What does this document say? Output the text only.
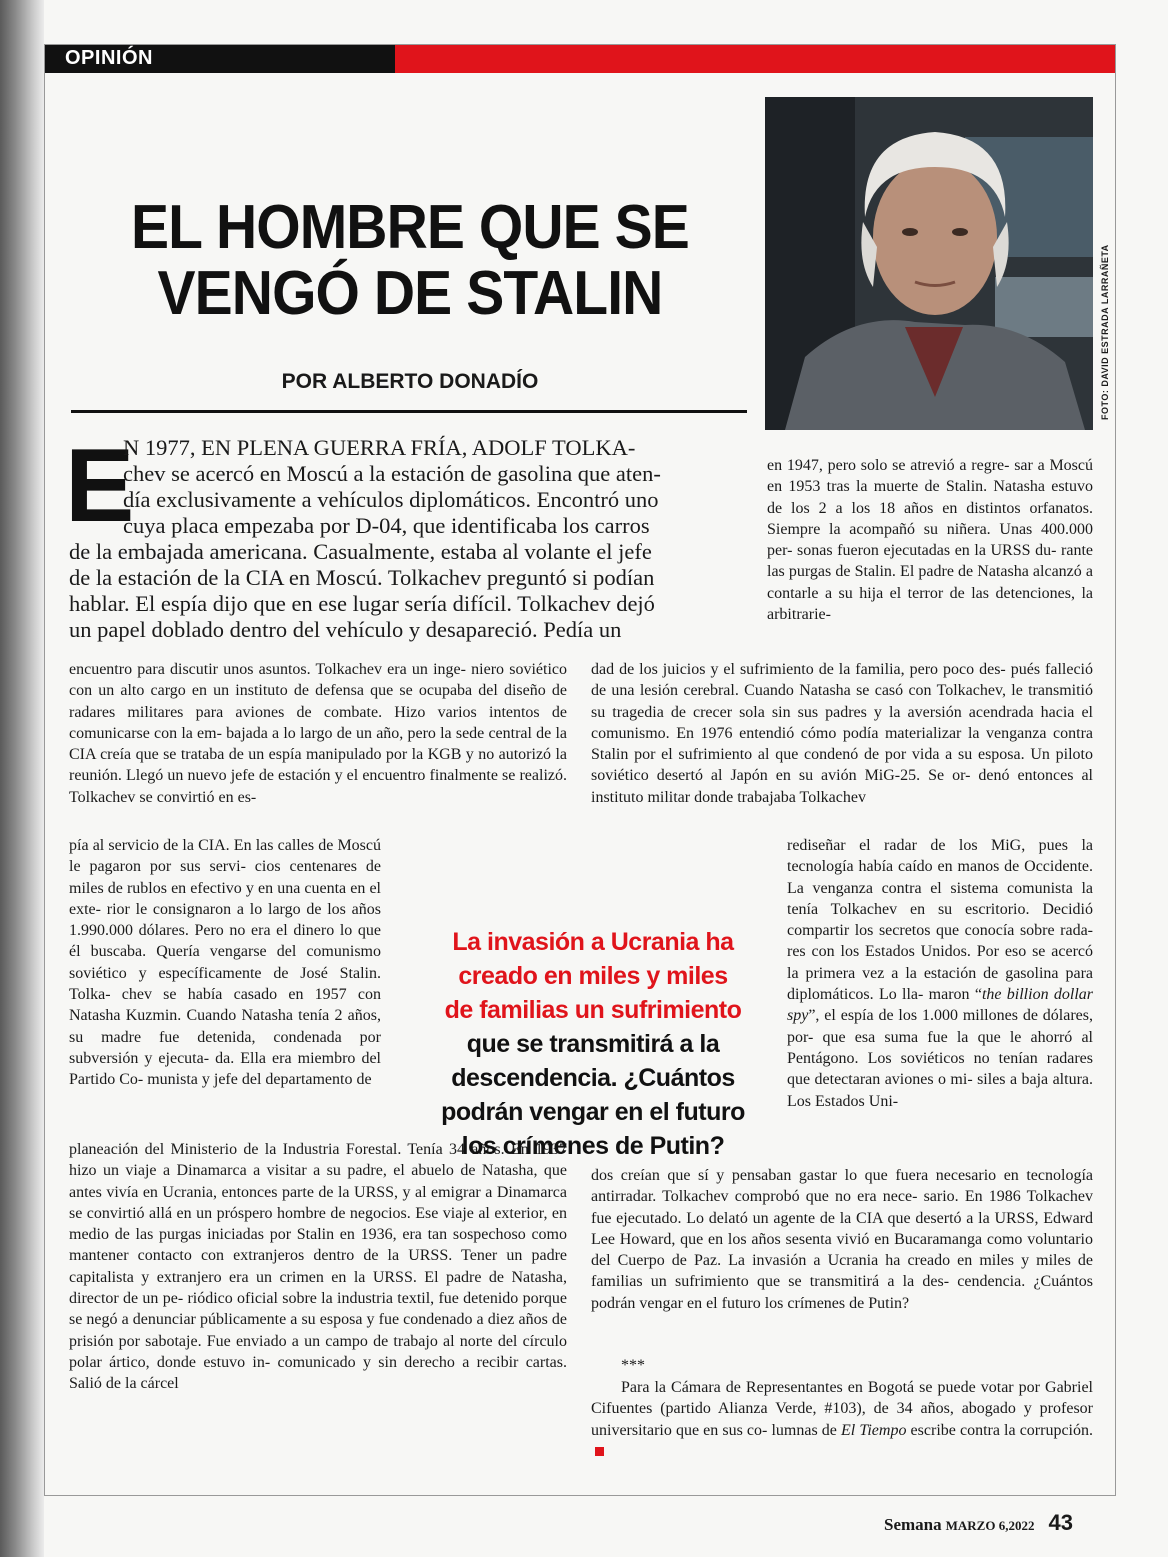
OPINIÓN
FOTO: DAVID ESTRADA LARRAÑETA
EL HOMBRE QUE SE
VENGÓ DE STALIN
POR ALBERTO DONADÍO
E
N 1977, EN PLENA GUERRA FRÍA, ADOLF TOLKA-
chev se acercó en Moscú a la estación de gasolina que aten-
día exclusivamente a vehículos diplomáticos. Encontró uno
cuya placa empezaba por D-04, que identificaba los carros
de la embajada americana. Casualmente, estaba al volante el jefe
de la estación de la CIA en Moscú. Tolkachev preguntó si podían
hablar. El espía dijo que en ese lugar sería difícil. Tolkachev dejó
un papel doblado dentro del vehículo y desapareció. Pedía un
encuentro para discutir unos asuntos. Tolkachev era un inge- niero soviético con un alto cargo en un instituto de defensa que se ocupaba del diseño de radares militares para aviones de combate. Hizo varios intentos de comunicarse con la em- bajada a lo largo de un año, pero la sede central de la CIA creía que se trataba de un espía manipulado por la KGB y no autorizó la reunión. Llegó un nuevo jefe de estación y el encuentro finalmente se realizó. Tolkachev se convirtió en es-
pía al servicio de la CIA. En las calles de Moscú le pagaron por sus servi- cios centenares de miles de rublos en efectivo y en una cuenta en el exte- rior le consignaron a lo largo de los años 1.990.000 dólares. Pero no era el dinero lo que él buscaba. Quería vengarse del comunismo soviético y específicamente de José Stalin. Tolka- chev se había casado en 1957 con Natasha Kuzmin. Cuando Natasha tenía 2 años, su madre fue detenida, condenada por subversión y ejecuta- da. Ella era miembro del Partido Co- munista y jefe del departamento de
planeación del Ministerio de la Industria Forestal. Tenía 34 años. En 1937 hizo un viaje a Dinamarca a visitar a su padre, el abuelo de Natasha, que antes vivía en Ucrania, entonces parte de la URSS, y al emigrar a Dinamarca se convirtió allá en un próspero hombre de negocios. Ese viaje al exterior, en medio de las purgas iniciadas por Stalin en 1936, era tan sospechoso como mantener contacto con extranjeros dentro de la URSS. Tener un padre capitalista y extranjero era un crimen en la URSS. El padre de Natasha, director de un pe- riódico oficial sobre la industria textil, fue detenido porque se negó a denunciar públicamente a su esposa y fue condenado a diez años de prisión por sabotaje. Fue enviado a un campo de trabajo al norte del círculo polar ártico, donde estuvo in- comunicado y sin derecho a recibir cartas. Salió de la cárcel
en 1947, pero solo se atrevió a regre- sar a Moscú en 1953 tras la muerte de Stalin. Natasha estuvo de los 2 a los 18 años en distintos orfanatos. Siempre la acompañó su niñera. Unas 400.000 per- sonas fueron ejecutadas en la URSS du- rante las purgas de Stalin. El padre de Natasha alcanzó a contarle a su hija el terror de las detenciones, la arbitrarie-
dad de los juicios y el sufrimiento de la familia, pero poco des- pués falleció de una lesión cerebral. Cuando Natasha se casó con Tolkachev, le transmitió su tragedia de crecer sola sin sus padres y la aversión acendrada hacia el comunismo. En 1976 entendió cómo podía materializar la venganza contra Stalin por el sufrimiento al que condenó de por vida a su esposa. Un piloto soviético desertó al Japón en su avión MiG-25. Se or- denó entonces al instituto militar donde trabajaba Tolkachev
rediseñar el radar de los MiG, pues la tecnología había caído en manos de Occidente. La venganza contra el sistema comunista la tenía Tolkachev en su escritorio. Decidió compartir los secretos que conocía sobre rada- res con los Estados Unidos. Por eso se acercó la primera vez a la estación de gasolina para diplomáticos. Lo lla- maron “the billion dollar spy”, el espía de los 1.000 millones de dólares, por- que esa suma fue la que le ahorró al Pentágono. Los soviéticos no tenían radares que detectaran aviones o mi- siles a baja altura. Los Estados Uni-
dos creían que sí y pensaban gastar lo que fuera necesario en tecnología antirradar. Tolkachev comprobó que no era nece- sario. En 1986 Tolkachev fue ejecutado. Lo delató un agente de la CIA que desertó a la URSS, Edward Lee Howard, que en los años sesenta vivió en Bucaramanga como voluntario del Cuerpo de Paz. La invasión a Ucrania ha creado en miles y miles de familias un sufrimiento que se transmitirá a la des- cendencia. ¿Cuántos podrán vengar en el futuro los crímenes de Putin?
***
Para la Cámara de Representantes en Bogotá se puede votar por Gabriel Cifuentes (partido Alianza Verde, #103), de 34 años, abogado y profesor universitario que en sus co- lumnas de El Tiempo escribe contra la corrupción.
La invasión a Ucrania ha
creado en miles y miles
de familias un sufrimiento
que se transmitirá a la
descendencia. ¿Cuántos
podrán vengar en el futuro
los crímenes de Putin?
Semana MARZO 6,2022 43
